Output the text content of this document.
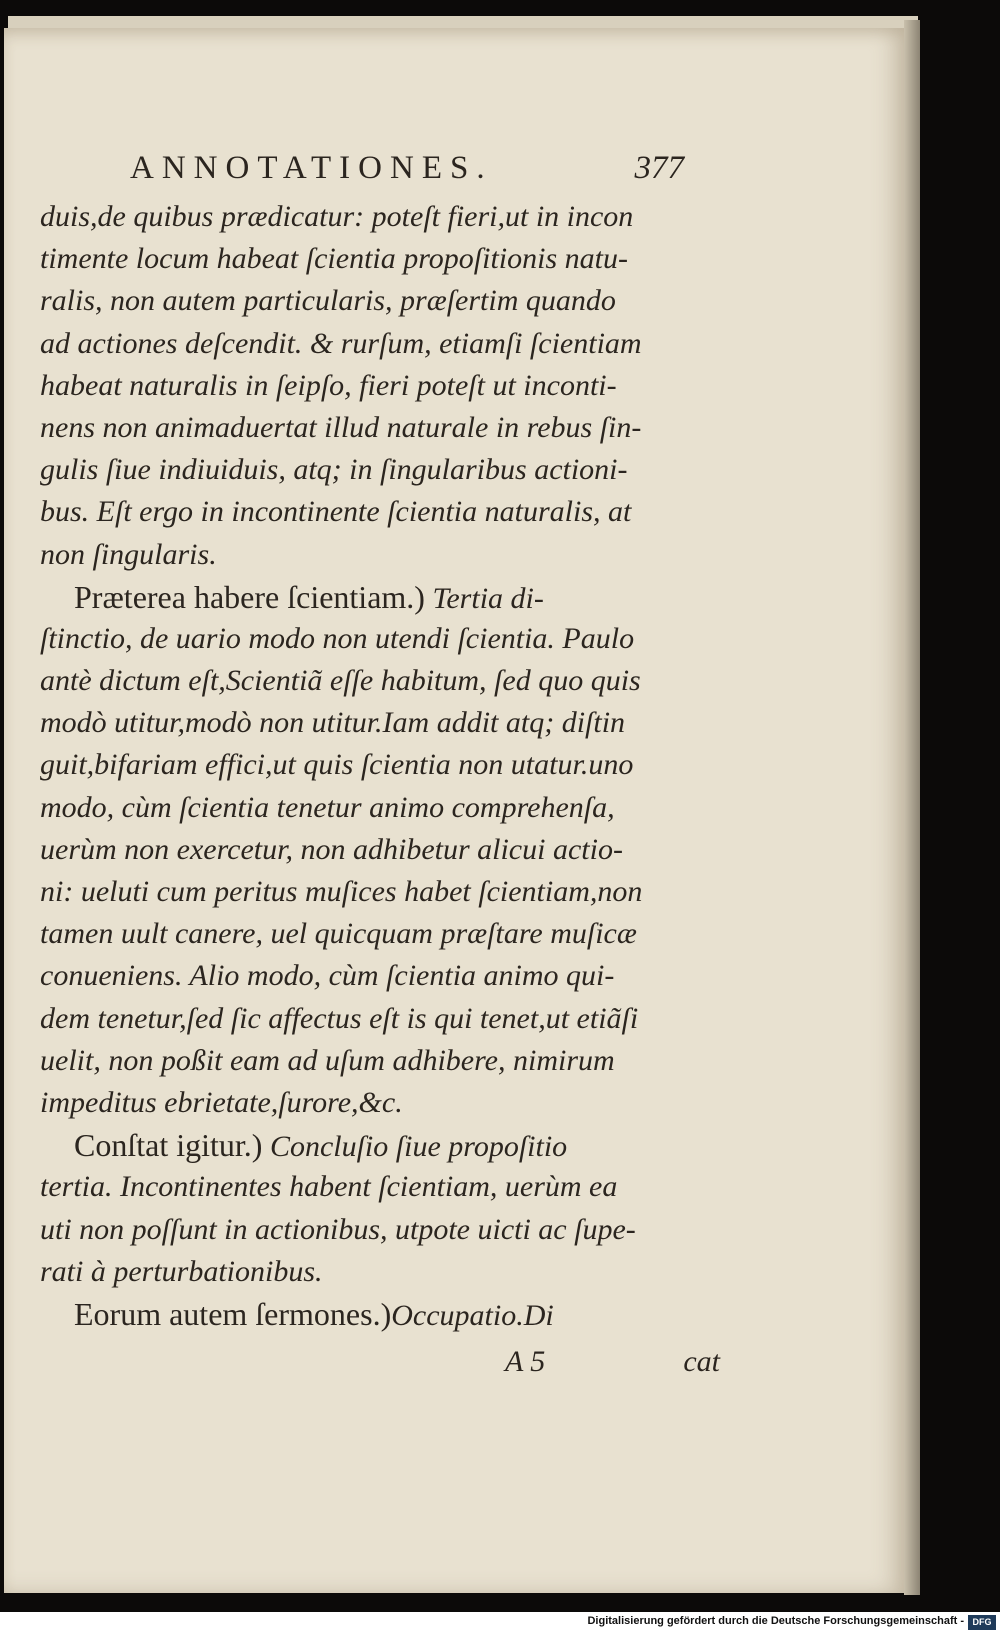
ANNOTATIONES.	377
duis,de quibus prædicatur: poteſt fieri,ut in incon
timente locum habeat ſcientia propoſitionis natu-
ralis, non autem particularis, præſertim quando
ad actiones deſcendit. & rurſum, etiamſi ſcientiam
habeat naturalis in ſeipſo, fieri poteſt ut inconti-
nens non animaduertat illud naturale in rebus ſin-
gulis ſiue indiuiduis, atq; in ſingularibus actioni-
bus. Eſt ergo in incontinente ſcientia naturalis, at
non ſingularis.
Præterea habere ſcientiam.) Tertia di-
ſtinctio, de uario modo non utendi ſcientia. Paulo
antè dictum eſt,Scientiã eſſe habitum, ſed quo quis
modò utitur,modò non utitur.Iam addit atq; diſtin
guit,bifariam effici,ut quis ſcientia non utatur.uno
modo, cùm ſcientia tenetur animo comprehenſa,
uerùm non exercetur, non adhibetur alicui actio-
ni: ueluti cum peritus muſices habet ſcientiam,non
tamen uult canere, uel quicquam præſtare muſicæ
conueniens. Alio modo, cùm ſcientia animo qui-
dem tenetur,ſed ſic affectus eſt is qui tenet,ut etiãſi
uelit, non poßit eam ad uſum adhibere, nimirum
impeditus ebrietate,ſurore,&c.
Conſtat igitur.) Concluſio ſiue propoſitio
tertia. Incontinentes habent ſcientiam, uerùm ea
uti non poſſunt in actionibus, utpote uicti ac ſupe-
rati à perturbationibus.
Eorum autem ſermones.)Occupatio.Di
A 5	cat
Digitalisierung gefördert durch die Deutsche Forschungsgemeinschaft - DFG
